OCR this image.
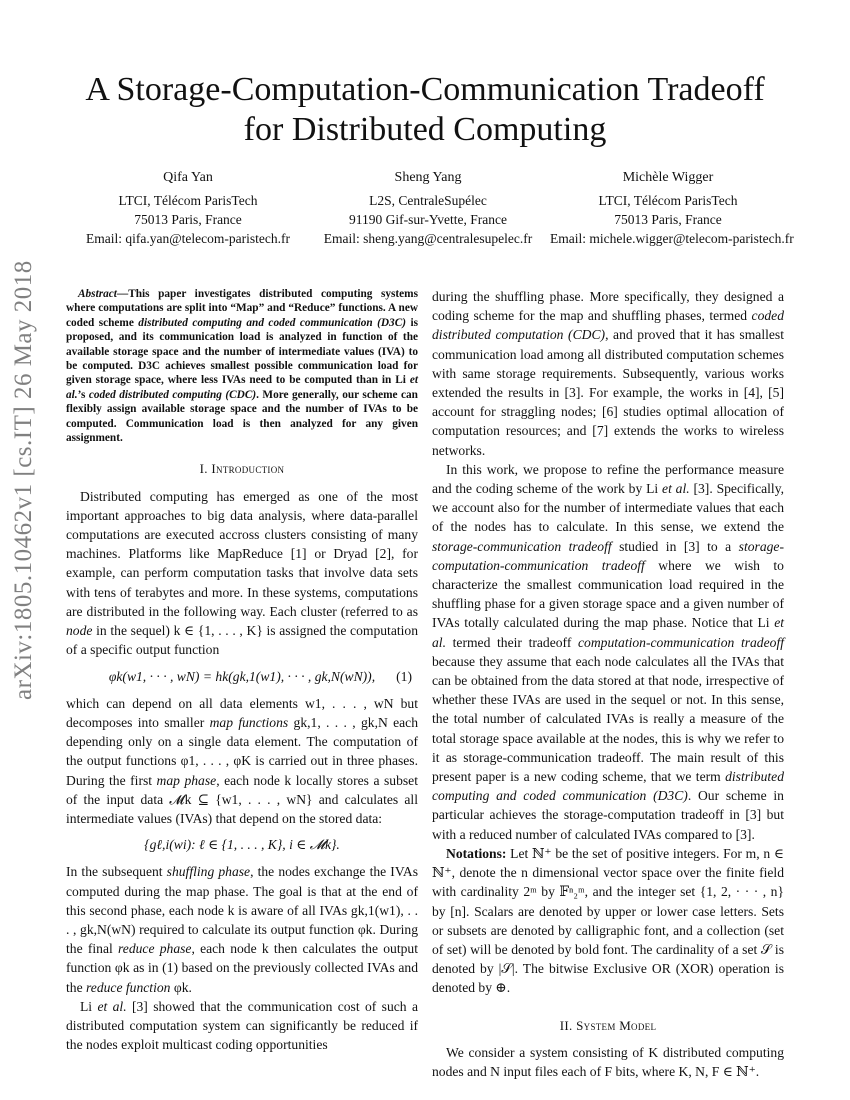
arXiv:1805.10462v1 [cs.IT] 26 May 2018
A Storage-Computation-Communication Tradeoff
for Distributed Computing
Qifa Yan
LTCI, Télécom ParisTech
75013 Paris, France
Email: qifa.yan@telecom-paristech.fr
Sheng Yang
L2S, CentraleSupélec
91190 Gif-sur-Yvette, France
Email: sheng.yang@centralesupelec.fr
Michèle Wigger
LTCI, Télécom ParisTech
75013 Paris, France
Email: michele.wigger@telecom-paristech.fr

Abstract—This paper investigates distributed computing systems where computations are split into “Map” and “Reduce” functions. A new coded scheme distributed computing and coded communication (D3C) is proposed, and its communication load is analyzed in function of the available storage space and the number of intermediate values (IVA) to be computed. D3C achieves smallest possible communication load for given storage space, where less IVAs need to be computed than in Li et al.’s coded distributed computing (CDC). More generally, our scheme can flexibly assign available storage space and the number of IVAs to be computed. Communication load is then analyzed for any given assignment.

I. Introduction

Distributed computing has emerged as one of the most important approaches to big data analysis, where data-parallel computations are executed accross clusters consisting of many machines. Platforms like MapReduce [1] or Dryad [2], for example, can perform computation tasks that involve data sets with tens of terabytes and more. In these systems, computations are distributed in the following way. Each cluster (referred to as node in the sequel) k ∈ {1, . . . , K} is assigned the computation of a specific output function

φk(w1, · · · , wN) = hk(gk,1(w1), · · · , gk,N(wN)), (1)

which can depend on all data elements w1, . . . , wN but decomposes into smaller map functions gk,1, . . . , gk,N each depending only on a single data element. The computation of the output functions φ1, . . . , φK is carried out in three phases. During the first map phase, each node k locally stores a subset of the input data 𝓜k ⊆ {w1, . . . , wN} and calculates all intermediate values (IVAs) that depend on the stored data:

{gℓ,i(wi): ℓ ∈ {1, . . . , K}, i ∈ 𝓜k}.

In the subsequent shuffling phase, the nodes exchange the IVAs computed during the map phase. The goal is that at the end of this second phase, each node k is aware of all IVAs gk,1(w1), . . . , gk,N(wN) required to calculate its output function φk. During the final reduce phase, each node k then calculates the output function φk as in (1) based on the previously collected IVAs and the reduce function φk.

Li et al. [3] showed that the communication cost of such a distributed computation system can significantly be reduced if the nodes exploit multicast coding opportunities

during the shuffling phase. More specifically, they designed a coding scheme for the map and shuffling phases, termed coded distributed computation (CDC), and proved that it has smallest communication load among all distributed computation schemes with same storage requirements. Subsequently, various works extended the results in [3]. For example, the works in [4], [5] account for straggling nodes; [6] studies optimal allocation of computation resources; and [7] extends the works to wireless networks.

In this work, we propose to refine the performance measure and the coding scheme of the work by Li et al. [3]. Specifically, we account also for the number of intermediate values that each of the nodes has to calculate. In this sense, we extend the storage-communication tradeoff studied in [3] to a storage-computation-communication tradeoff where we wish to characterize the smallest communication load required in the shuffling phase for a given storage space and a given number of IVAs totally calculated during the map phase. Notice that Li et al. termed their tradeoff computation-communication tradeoff because they assume that each node calculates all the IVAs that can be obtained from the data stored at that node, irrespective of whether these IVAs are used in the sequel or not. In this sense, the total number of calculated IVAs is really a measure of the total storage space available at the nodes, this is why we refer to it as storage-communication tradeoff. The main result of this present paper is a new coding scheme, that we term distributed computing and coded communication (D3C). Our scheme in particular achieves the storage-computation tradeoff in [3] but with a reduced number of calculated IVAs compared to [3].

Notations: Let ℕ⁺ be the set of positive integers. For m, n ∈ ℕ⁺, denote the n dimensional vector space over the finite field with cardinality 2ᵐ by 𝔽ⁿ₂ᵐ, and the integer set {1, 2, · · · , n} by [n]. Scalars are denoted by upper or lower case letters. Sets or subsets are denoted by calligraphic font, and a collection (set of set) will be denoted by bold font. The cardinality of a set 𝒮 is denoted by |𝒮|. The bitwise Exclusive OR (XOR) operation is denoted by ⊕.

II. System Model

We consider a system consisting of K distributed computing nodes and N input files each of F bits, where K, N, F ∈ ℕ⁺.
